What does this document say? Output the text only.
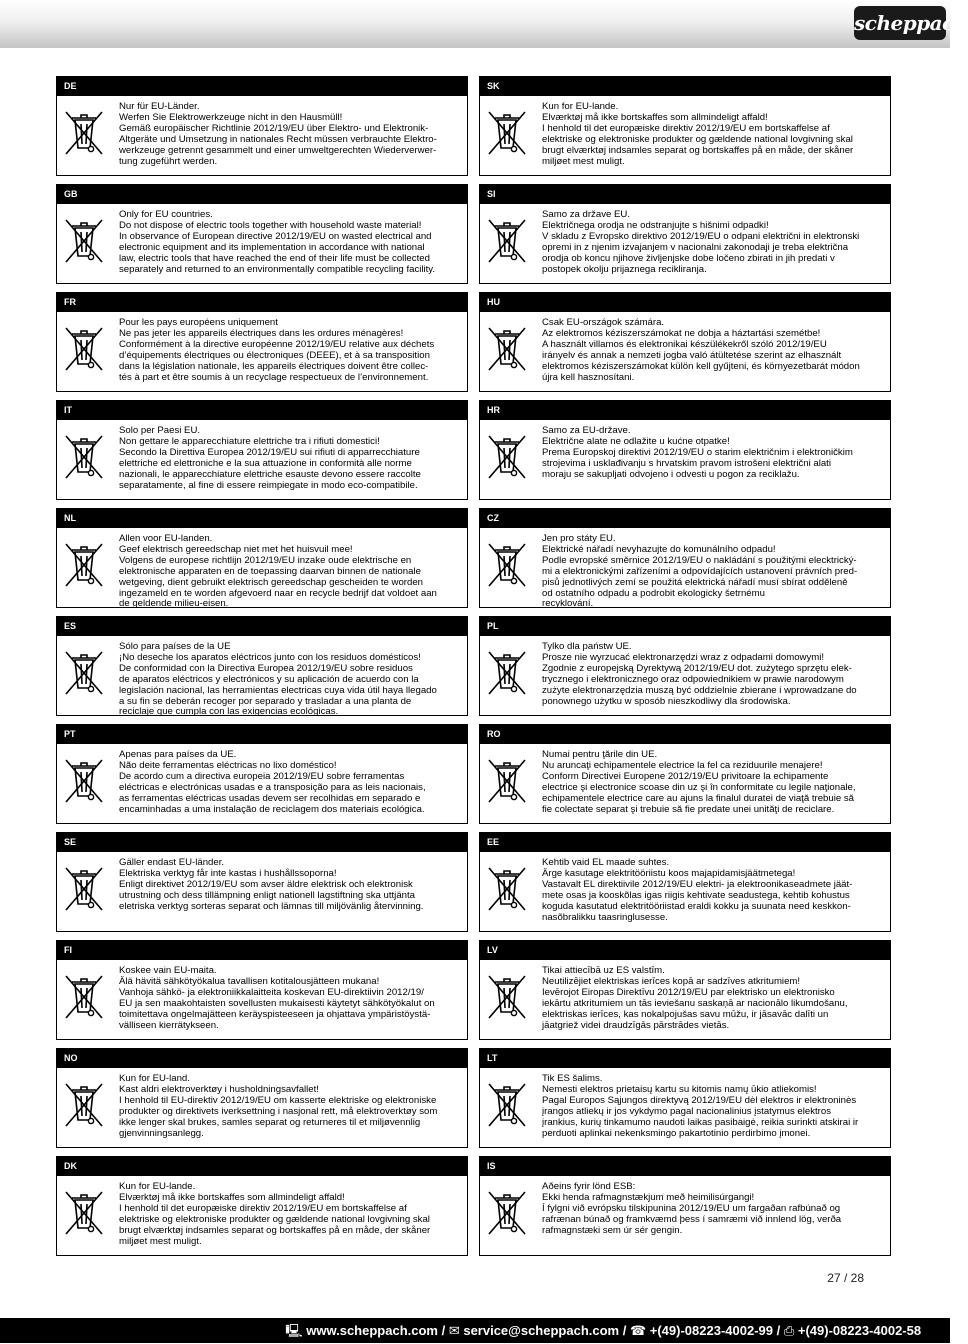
scheppach
DE
Nur für EU-Länder.
Werfen Sie Elektrowerkzeuge nicht in den Hausmüll!
Gemäß europäischer Richtlinie 2012/19/EU über Elektro- und Elektronik-
Altgeräte und Umsetzung in nationales Recht müssen verbrauchte Elektro-
werkzeuge getrennt gesammelt und einer umweltgerechten Wiederverwer-
tung zugeführt werden.
SK
Kun for EU-lande.
Elværktøj må ikke bortskaffes som allmindeligt affald!
I henhold til det europæiske direktiv 2012/19/EU em bortskaffelse af
elektriske og elektroniske produkter og gældende national lovgivning skal
brugt elværktøj indsamles separat og bortskaffes på en måde, der skåner
miljøet mest muligt.
GB
Only for EU countries.
Do not dispose of electric tools together with household waste material!
In observance of European directive 2012/19/EU on wasted electrical and
electronic equipment and its implementation in accordance with national
law, electric tools that have reached the end of their life must be collected
separately and returned to an environmentally compatible recycling facility.
SI
Samo za države EU.
Električnega orodja ne odstranjujte s hišnimi odpadki!
V skladu z Evropsko direktivo 2012/19/EU o odpani električni in elektronski
opremi in z njenim izvajanjem v nacionalni zakonodaji je treba električna
orodja ob koncu njihove življenjske dobe ločeno zbirati in jih predati v
postopek okolju prijaznega recikliranja.
FR
Pour les pays européens uniquement
Ne pas jeter les appareils électriques dans les ordures ménagères!
Conformément à la directive européenne 2012/19/EU relative aux déchets
d’équipements électriques ou électroniques (DEEE), et à sa transposition
dans la législation nationale, les appareils électriques doivent être collec-
tés à part et être soumis à un recyclage respectueux de l’environnement.
HU
Csak EU-országok számára.
Az elektromos kéziszerszámokat ne dobja a háztartási szemétbe!
A használt villamos és elektronikai készülékekről szóló 2012/19/EU
irányelv és annak a nemzeti jogba való átültetése szerint az elhasznált
elektromos kéziszerszámokat külön kell gyűjteni, és környezetbarát módon
újra kell hasznosítani.
IT
Solo per Paesi EU.
Non gettare le apparecchiature elettriche tra i rifiuti domestici!
Secondo la Direttiva Europea 2012/19/EU sui rifiuti di apparrecchiature
elettriche ed elettroniche e la sua attuazione in conformità alle norme
nazionali, le apparecchiature elettriche esauste devono essere raccolte
separatamente, al fine di essere reimpiegate in modo eco-compatibile.
HR
Samo za EU-države.
Električne alate ne odlažite u kućne otpatke!
Prema Europskoj direktivi 2012/19/EU o starim električnim i elektroničkim
strojevima i usklađivanju s hrvatskim pravom istrošeni električni alati
moraju se sakupljati odvojeno i odvesti u pogon za reciklažu.
NL
Allen voor EU-landen.
Geef elektrisch gereedschap niet met het huisvuil mee!
Volgens de europese richtlijn 2012/19/EU inzake oude elektrische en
elektronische apparaten en de toepassing daarvan binnen de nationale
wetgeving, dient gebruikt elektrisch gereedschap gescheiden te worden
ingezameld en te worden afgevoerd naar en recycle bedrijf dat voldoet aan
de geldende milieu-eisen.
CZ
Jen pro státy EU.
Elektrické nářadí nevyhazujte do komunálního odpadu!
Podle evropské směrnice 2012/19/EU o nakládání s použitými elecktrický-
mi a elektronickými zařízeními a odpovídajících ustanovení právních pred-
pisů jednotlivých zemí se použitá elektrická nářadí musí sbírat odděleně
od ostatního odpadu a podrobit ekologicky šetrnému
recyklování.
ES
Sólo para países de la UE
¡No deseche los aparatos eléctricos junto con los residuos domésticos!
De conformidad con la Directiva Europea 2012/19/EU sobre residuos
de aparatos eléctricos y electrónicos y su aplicación de acuerdo con la
legislación nacional, las herramientas electricas cuya vida útil haya llegado
a su fin se deberán recoger por separado y trasladar a una planta de
reciclaje que cumpla con las exigencias ecológicas.
PL
Tylko dla państw UE.
Prosze nie wyrzucać elektronarzędzi wraz z odpadami domowymi!
Zgodnie z europejską Dyrektywą 2012/19/EU dot. zużytego sprzętu elek-
trycznego i elektronicznego oraz odpowiednikiem w prawie narodowym
zużyte elektronarzędzia muszą być oddzielnie zbierane i wprowadzane do
ponownego użytku w sposób nieszkodliwy dla środowiska.
PT
Apenas para países da UE.
Não deite ferramentas eléctricas no lixo doméstico!
De acordo cum a directiva europeia 2012/19/EU sobre ferramentas
eléctricas e electrónicas usadas e a transposição para as leis nacionais,
as ferramentas eléctricas usadas devem ser recolhidas em separado e
encaminhadas a uma instalação de reciclagem dos materiais ecológica.
RO
Numai pentru ţările din UE.
Nu aruncaţi echipamentele electrice la fel ca reziduurile menajere!
Conform Directivei Europene 2012/19/EU privitoare la echipamente
electrice şi electronice scoase din uz şi în conformitate cu legile naţionale,
echipamentele electrice care au ajuns la finalul duratei de viaţă trebuie să
fie colectate separat şi trebuie să fie predate unei unităţi de reciclare.
SE
Gäller endast EU-länder.
Elektriska verktyg får inte kastas i hushållssoporna!
Enligt direktivet 2012/19/EU som avser äldre elektrisk och elektronisk
utrustning och dess tillämpning enligt nationell lagstiftning ska uttjänta
eletriska verktyg sorteras separat och lämnas till miljövänlig återvinning.
EE
Kehtib vaid EL maade suhtes.
Ärge kasutage elektritööriistu koos majapidamisjäätmetega!
Vastavalt EL direktiivile 2012/19/EU elektri- ja elektroonikaseadmete jäät-
mete osas ja kooskõlas igas riigis kehtivate seadustega, kehtib kohustus
koguda kasutatud elektritööriistad eraldi kokku ja suunata need keskkon-
nasõbralikku taasringlusesse.
FI
Koskee vain EU-maita.
Älä hävitä sähkötyökalua tavallisen kotitalousjätteen mukana!
Vanhoja sähkö- ja elektroniikkalaitteita koskevan EU-direktiivin 2012/19/
EU ja sen maakohtaisten sovellusten mukaisesti käytetyt sähkötyökalut on
toimitettava ongelmajätteen keräyspisteeseen ja ohjattava ympäristöystä-
välliseen kierrätykseen.
LV
Tikai attiecībā uz ES valstīm.
Neutilizējiet elektriskas ierīces kopā ar sadzīves atkritumiem!
Ievērojot Eiropas Direktīvu 2012/19/EU par elektrisko un elektronisko
iekārtu atkritumiem un tās ieviešanu saskaņā ar nacionālo likumdošanu,
elektriskas ierīces, kas nokalpojušas savu mūžu, ir jāsavāc dalīti un
jāatgriež videi draudzīgās pārstrādes vietās.
NO
Kun for EU-land.
Kast aldri elektroverktøy i husholdningsavfallet!
I henhold til EU-direktiv 2012/19/EU om kasserte elektriske og elektroniske
produkter og direktivets iverksettning i nasjonal rett, må elektroverktøy som
ikke lenger skal brukes, samles separat og returneres til et miljøvennlig
gjenvinningsanlegg.
LT
Tik ES šalims.
Nemesti elektros prietaisų kartu su kitomis namų ūkio atliekomis!
Pagal Europos Sąjungos direktyvą 2012/19/EU dėl elektros ir elektroninės
įrangos atliekų ir jos vykdymo pagal nacionalinius įstatymus elektros
įrankius, kurių tinkamumo naudoti laikas pasibaigė, reikia surinkti atskirai ir
perduoti aplinkai nekenksmingo pakartotinio perdirbimo įmonei.
DK
Kun for EU-lande.
Elværktøj må ikke bortskaffes som allmindeligt affald!
I henhold til det europæiske direktiv 2012/19/EU em bortskaffelse af
elektriske og elektroniske produkter og gældende national lovgivning skal
brugt elværktøj indsamles separat og bortskaffes på en måde, der skåner
miljøet mest muligt.
IS
Aðeins fyrir lönd ESB:
Ekki henda rafmagnstækjum með heimilisúrgangi!
Í fylgni við evrópsku tilskipunina 2012/19/EU um fargaðan rafbúnað og
rafrænan búnað og framkvæmd þess í samræmi við innlend lög, verða
rafmagnstæki sem úr sér gengin.
27 / 28
🖳︎ www.scheppach.com / ✉ service@scheppach.com / ☎ +(49)-08223-4002-99 / ⎙ +(49)-08223-4002-58
